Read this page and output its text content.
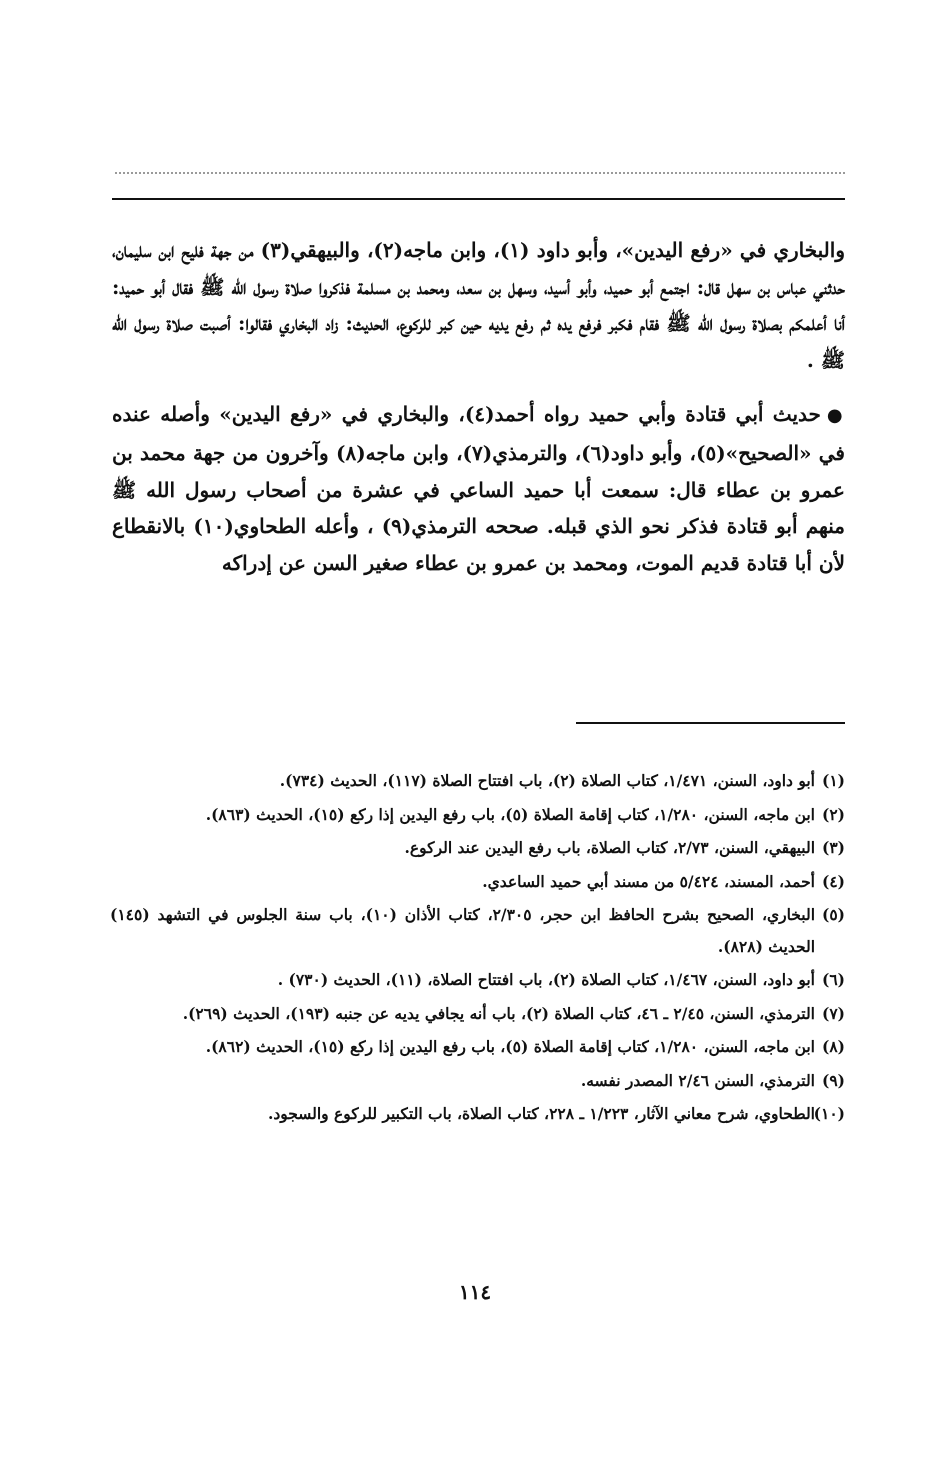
والبخاري في «رفع اليدين»، وأبو داود (١)، وابن ماجه(٢)، والبيهقي(٣) من جهة فليح ابن سليمان، حدثني عباس بن سهل قال: اجتمع أبو حميد، وأبو أسيد، وسهل بن سعد، ومحمد بن مسلمة فذكروا صلاة رسول الله ﷺ فقال أبو حميد: أنا أعلمكم بصلاة رسول الله ﷺ فقام فكبر فرفع يده ثم رفع يديه حين كبر للركوع، الحديث: زاد البخاري فقالوا: أصبت صلاة رسول الله ﷺ .

●حديث أبي قتادة وأبي حميد رواه أحمد(٤)، والبخاري في «رفع اليدين» وأصله عنده في «الصحيح»(٥)، وأبو داود(٦)، والترمذي(٧)، وابن ماجه(٨) وآخرون من جهة محمد بن عمرو بن عطاء قال: سمعت أبا حميد الساعي في عشرة من أصحاب رسول الله ﷺ منهم أبو قتادة فذكر نحو الذي قبله. صححه الترمذي(٩) ، وأعله الطحاوي(١٠) بالانقطاع لأن أبا قتادة قديم الموت، ومحمد بن عمرو بن عطاء صغير السن عن إدراكه

(١)أبو داود، السنن، ١/٤٧١، كتاب الصلاة (٢)، باب افتتاح الصلاة (١١٧)، الحديث (٧٣٤).

(٢)ابن ماجه، السنن، ١/٢٨٠، كتاب إقامة الصلاة (٥)، باب رفع اليدين إذا ركع (١٥)، الحديث (٨٦٣).

(٣)البيهقي، السنن، ٢/٧٣، كتاب الصلاة، باب رفع اليدين عند الركوع.

(٤)أحمد، المسند، ٥/٤٢٤ من مسند أبي حميد الساعدي.

(٥)البخاري، الصحيح بشرح الحافظ ابن حجر، ٢/٣٠٥، كتاب الأذان (١٠)، باب سنة الجلوس في التشهد (١٤٥) الحديث (٨٢٨).

(٦)أبو داود، السنن، ١/٤٦٧، كتاب الصلاة (٢)، باب افتتاح الصلاة، (١١)، الحديث (٧٣٠) .

(٧)الترمذي، السنن، ٢/٤٥ ـ ٤٦، كتاب الصلاة (٢)، باب أنه يجافي يديه عن جنبه (١٩٣)، الحديث (٢٦٩).

(٨)ابن ماجه، السنن، ١/٢٨٠، كتاب إقامة الصلاة (٥)، باب رفع اليدين إذا ركع (١٥)، الحديث (٨٦٢).

(٩)الترمذي، السنن ٢/٤٦ المصدر نفسه.

(١٠)الطحاوي، شرح معاني الآثار، ١/٢٢٣ ـ ٢٢٨، كتاب الصلاة، باب التكبير للركوع والسجود.

١١٤
